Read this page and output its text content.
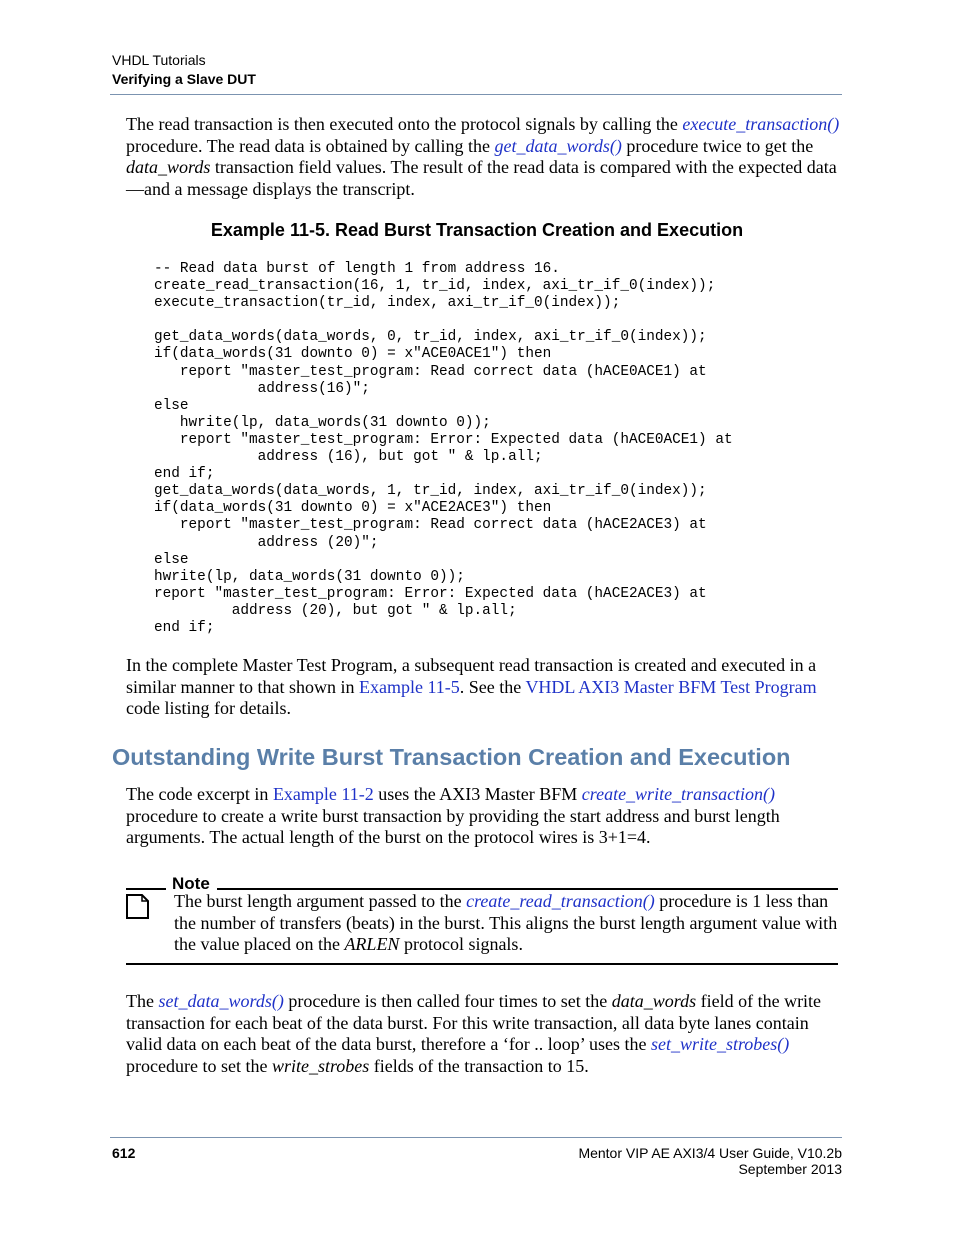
VHDL Tutorials
Verifying a Slave DUT

The read transaction is then executed onto the protocol signals by calling the execute_transaction() procedure. The read data is obtained by calling the get_data_words() procedure twice to get the data_words transaction field values. The result of the read data is compared with the expected data—and a message displays the transcript.

Example 11-5. Read Burst Transaction Creation and Execution
-- Read data burst of length 1 from address 16.
create_read_transaction(16, 1, tr_id, index, axi_tr_if_0(index));
execute_transaction(tr_id, index, axi_tr_if_0(index));

get_data_words(data_words, 0, tr_id, index, axi_tr_if_0(index));
if(data_words(31 downto 0) = x"ACE0ACE1") then
report "master_test_program: Read correct data (hACE0ACE1) at
address(16)";
else
hwrite(lp, data_words(31 downto 0));
report "master_test_program: Error: Expected data (hACE0ACE1) at
address (16), but got " & lp.all;
end if;
get_data_words(data_words, 1, tr_id, index, axi_tr_if_0(index));
if(data_words(31 downto 0) = x"ACE2ACE3") then
report "master_test_program: Read correct data (hACE2ACE3) at
address (20)";
else
hwrite(lp, data_words(31 downto 0));
report "master_test_program: Error: Expected data (hACE2ACE3) at
address (20), but got " & lp.all;
end if;

In the complete Master Test Program, a subsequent read transaction is created and executed in a similar manner to that shown in Example 11-5. See the VHDL AXI3 Master BFM Test Program code listing for details.

Outstanding Write Burst Transaction Creation and Execution

The code excerpt in Example 11-2 uses the AXI3 Master BFM create_write_transaction() procedure to create a write burst transaction by providing the start address and burst length arguments. The actual length of the burst on the protocol wires is 3+1=4.

Note

The burst length argument passed to the create_read_transaction() procedure is 1 less than the number of transfers (beats) in the burst. This aligns the burst length argument value with the value placed on the ARLEN protocol signals.

The set_data_words() procedure is then called four times to set the data_words field of the write transaction for each beat of the data burst. For this write transaction, all data byte lanes contain valid data on each beat of the data burst, therefore a ‘for .. loop’ uses the set_write_strobes() procedure to set the write_strobes fields of the transaction to 15.

612	Mentor VIP AE AXI3/4 User Guide, V10.2b
September 2013
